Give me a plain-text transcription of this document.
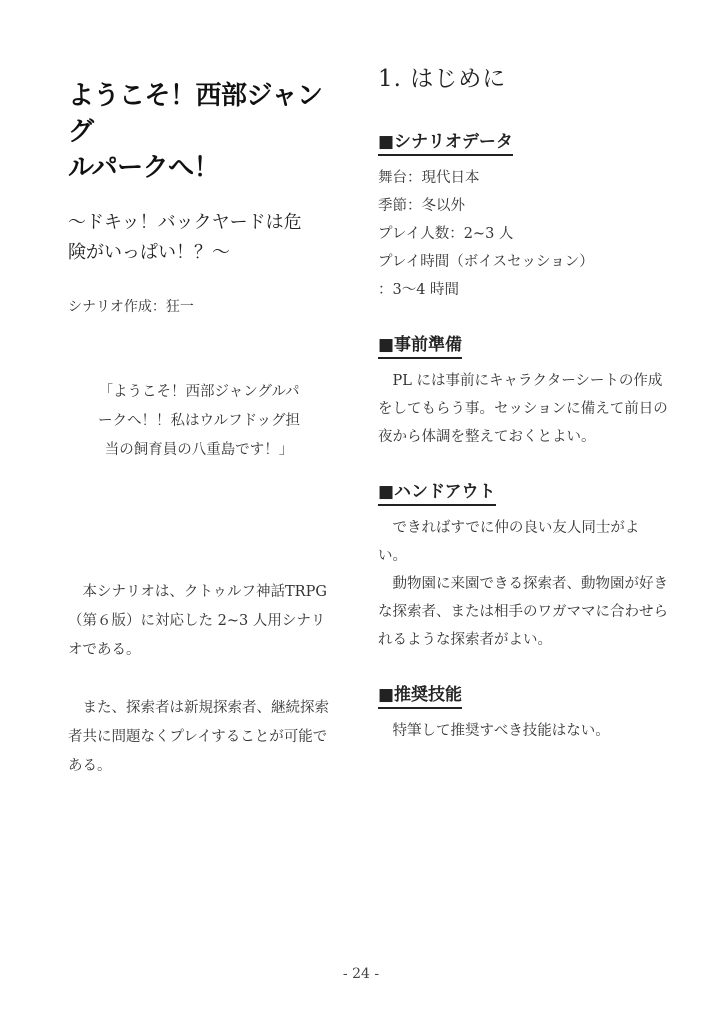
ようこそ！西部ジャング
ルパークへ！

〜ドキッ！バックヤードは危
険がいっぱい！？〜

シナリオ作成：狂一

「ようこそ！西部ジャングルパ
ークへ！！私はウルフドッグ担
当の飼育員の八重島です！」

本シナリオは、クトゥルフ神話TRPG（第６版）に対応した 2~3 人用シナリオである。

また、探索者は新規探索者、継続探索者共に問題なくプレイすることが可能である。

1. はじめに
■シナリオデータ
舞台：現代日本
季節：冬以外
プレイ人数：2~3 人
プレイ時間（ボイスセッション）
：3〜4 時間
■事前準備

PL には事前にキャラクターシートの作成をしてもらう事。セッションに備えて前日の夜から体調を整えておくとよい。

■ハンドアウト

できればすでに仲の良い友人同士がよい。

動物園に来園できる探索者、動物園が好きな探索者、または相手のワガママに合わせられるような探索者がよい。

■推奨技能

特筆して推奨すべき技能はない。

- 24 -
